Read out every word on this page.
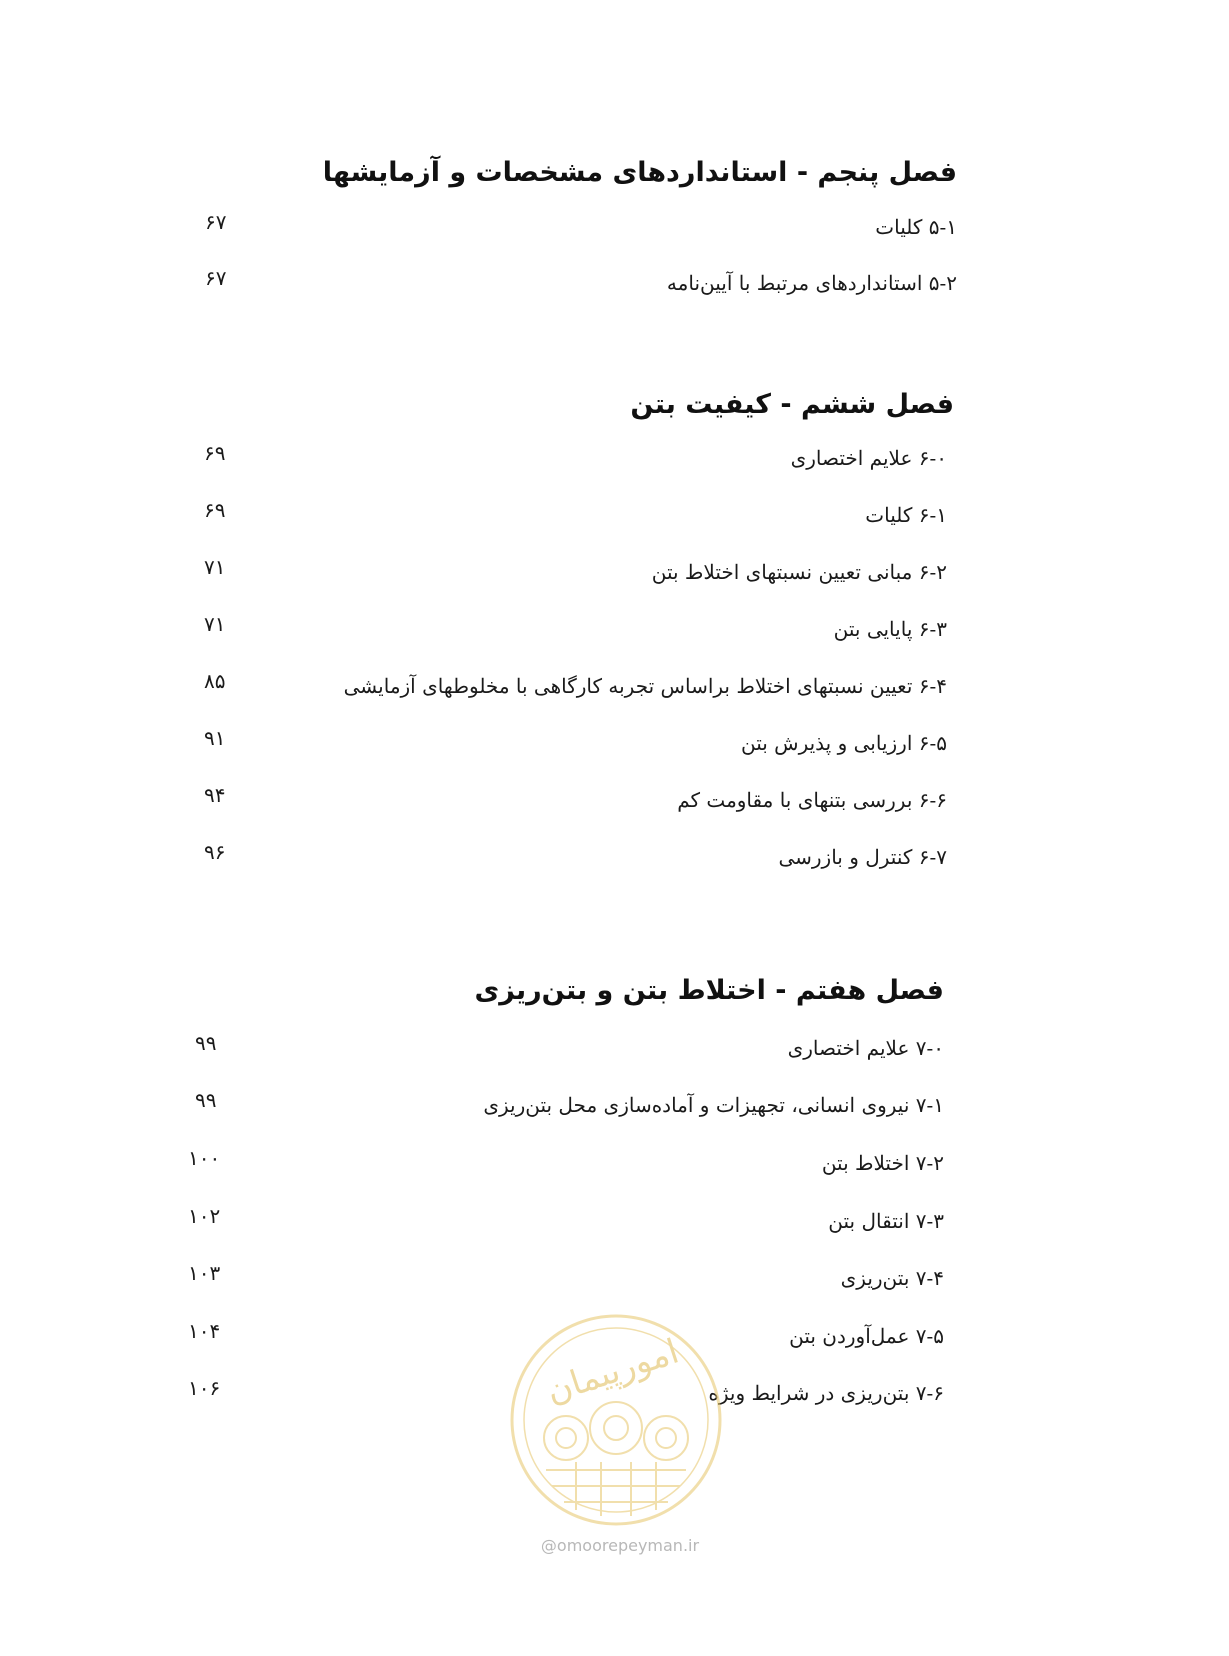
فصل پنجم - استانداردهای مشخصات و آزمایشها
۵-۱ کلیات
۶۷
۵-۲ استانداردهای مرتبط با آیین‌نامه
۶۷
فصل ششم - کیفیت بتن
۶-۰ علایم اختصاری
۶۹
۶-۱ کلیات
۶۹
۶-۲ مبانی تعیین نسبتهای اختلاط بتن
۷۱
۶-۳ پایایی بتن
۷۱
۶-۴ تعیین نسبتهای اختلاط براساس تجربه کارگاهی با مخلوطهای آزمایشی
۸۵
۶-۵ ارزیابی و پذیرش بتن
۹۱
۶-۶ بررسی بتنهای با مقاومت کم
۹۴
۶-۷ کنترل و بازرسی
۹۶
فصل هفتم - اختلاط بتن و بتن‌ریزی
۷-۰ علایم اختصاری
۹۹
۷-۱ نیروی انسانی، تجهیزات و آماده‌سازی محل بتن‌ریزی
۹۹
۷-۲ اختلاط بتن
۱۰۰
۷-۳ انتقال بتن
۱۰۲
۷-۴ بتن‌ریزی
۱۰۳
۷-۵ عمل‌آوردن بتن
۱۰۴
۷-۶ بتن‌ریزی در شرایط ویژه
۱۰۶	امورپیمان
@omoorepeyman.ir
